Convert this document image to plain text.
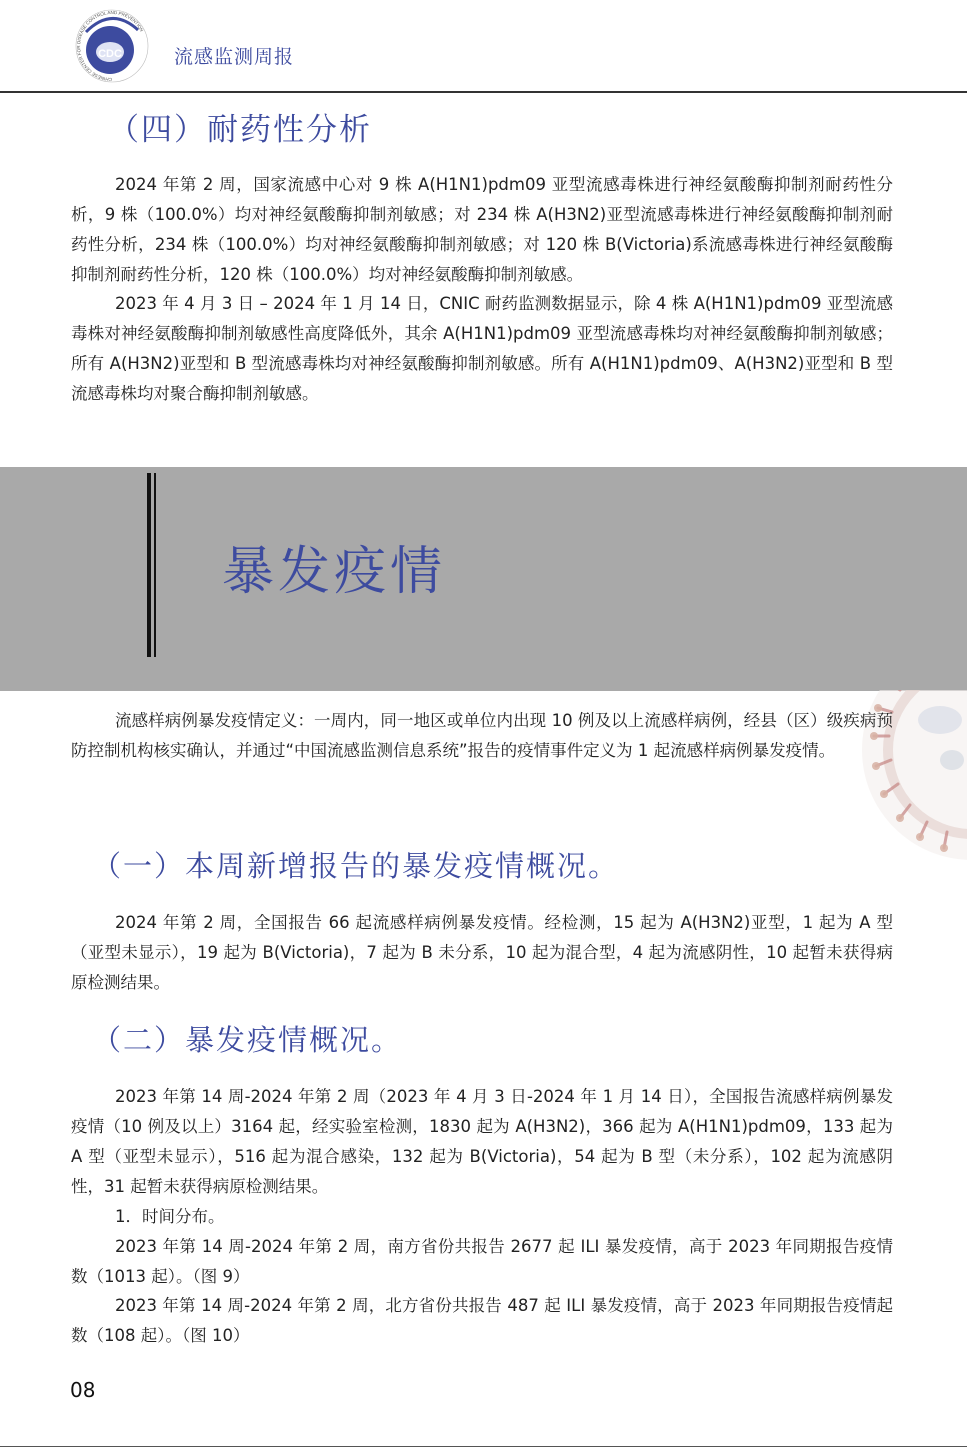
CDC
CHINESE CENTER FOR DISEASE CONTROL AND PREVENTION
流感监测周报
（四）耐药性分析

2024 年第 2 周，国家流感中心对 9 株 A(H1N1)pdm09 亚型流感毒株进行神经氨酸酶抑制剂耐药性分析，9 株（100.0%）均对神经氨酸酶抑制剂敏感；对 234 株 A(H3N2)亚型流感毒株进行神经氨酸酶抑制剂耐药性分析，234 株（100.0%）均对神经氨酸酶抑制剂敏感；对 120 株 B(Victoria)系流感毒株进行神经氨酸酶抑制剂耐药性分析，120 株（100.0%）均对神经氨酸酶抑制剂敏感。

2023 年 4 月 3 日 – 2024 年 1 月 14 日，CNIC 耐药监测数据显示，除 4 株 A(H1N1)pdm09 亚型流感毒株对神经氨酸酶抑制剂敏感性高度降低外，其余 A(H1N1)pdm09 亚型流感毒株均对神经氨酸酶抑制剂敏感；所有 A(H3N2)亚型和 B 型流感毒株均对神经氨酸酶抑制剂敏感。所有 A(H1N1)pdm09、A(H3N2)亚型和 B 型流感毒株均对聚合酶抑制剂敏感。

暴发疫情

流感样病例暴发疫情定义：一周内，同一地区或单位内出现 10 例及以上流感样病例，经县（区）级疾病预防控制机构核实确认，并通过“中国流感监测信息系统”报告的疫情事件定义为 1 起流感样病例暴发疫情。

（一）本周新增报告的暴发疫情概况。

2024 年第 2 周，全国报告 66 起流感样病例暴发疫情。经检测，15 起为 A(H3N2)亚型，1 起为 A 型（亚型未显示），19 起为 B(Victoria)，7 起为 B 未分系，10 起为混合型，4 起为流感阴性，10 起暂未获得病原检测结果。

（二）暴发疫情概况。

2023 年第 14 周-2024 年第 2 周（2023 年 4 月 3 日-2024 年 1 月 14 日），全国报告流感样病例暴发疫情（10 例及以上）3164 起，经实验室检测，1830 起为 A(H3N2)，366 起为 A(H1N1)pdm09，133 起为 A 型（亚型未显示），516 起为混合感染，132 起为 B(Victoria)，54 起为 B 型（未分系），102 起为流感阴性，31 起暂未获得病原检测结果。

1．时间分布。

2023 年第 14 周-2024 年第 2 周，南方省份共报告 2677 起 ILI 暴发疫情，高于 2023 年同期报告疫情数（1013 起）。（图 9）

2023 年第 14 周-2024 年第 2 周，北方省份共报告 487 起 ILI 暴发疫情，高于 2023 年同期报告疫情起数（108 起）。（图 10）

08
